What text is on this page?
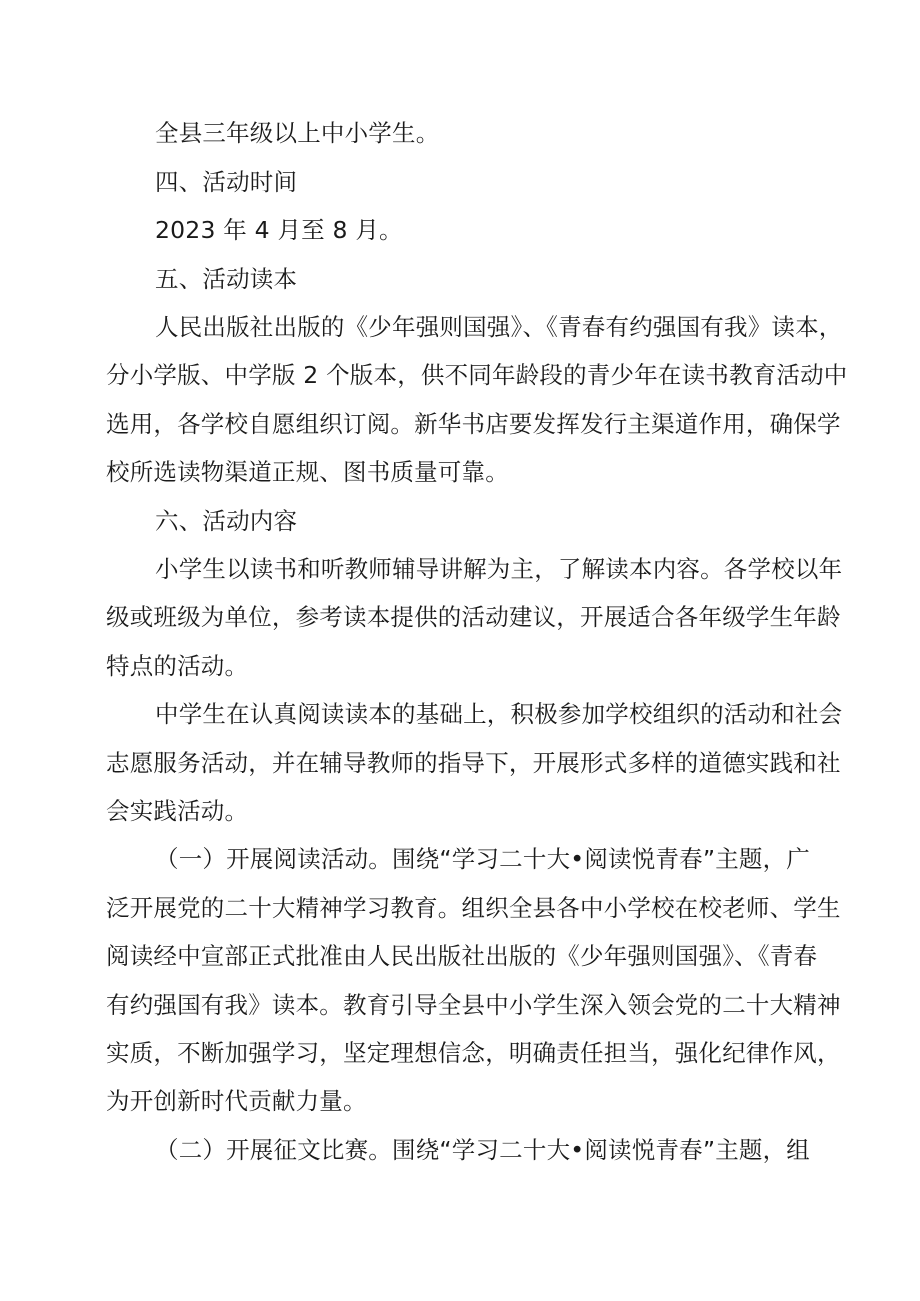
全县三年级以上中小学生。
四、活动时间
2023 年 4 月至 8 月。
五、活动读本
人民出版社出版的《少年强则国强》、《青春有约强国有我》读本，
分小学版、中学版 2 个版本，供不同年龄段的青少年在读书教育活动中
选用，各学校自愿组织订阅。新华书店要发挥发行主渠道作用，确保学
校所选读物渠道正规、图书质量可靠。
六、活动内容
小学生以读书和听教师辅导讲解为主，了解读本内容。各学校以年
级或班级为单位，参考读本提供的活动建议，开展适合各年级学生年龄
特点的活动。
中学生在认真阅读读本的基础上，积极参加学校组织的活动和社会
志愿服务活动，并在辅导教师的指导下，开展形式多样的道德实践和社
会实践活动。
（一）开展阅读活动。围绕“学习二十大•阅读悦青春”主题，广
泛开展党的二十大精神学习教育。组织全县各中小学校在校老师、学生
阅读经中宣部正式批准由人民出版社出版的《少年强则国强》、《青春
有约强国有我》读本。教育引导全县中小学生深入领会党的二十大精神
实质，不断加强学习，坚定理想信念，明确责任担当，强化纪律作风，
为开创新时代贡献力量。
（二）开展征文比赛。围绕“学习二十大•阅读悦青春”主题，组
